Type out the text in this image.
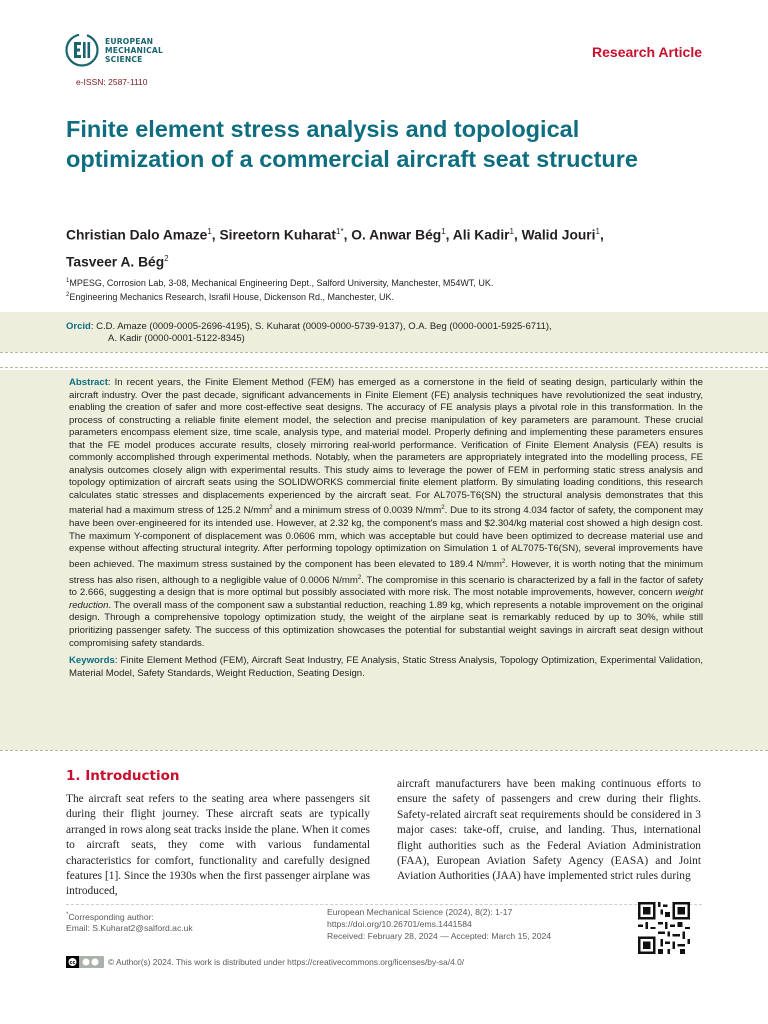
EUROPEAN
MECHANICAL
SCIENCE	Research Article
e-ISSN: 2587-1110
Finite element stress analysis and topological optimization of a commercial aircraft seat structure
Christian Dalo Amaze$^1$, Sireetorn Kuharat$^{1*}$, O. Anwar Bég$^1$, Ali Kadir$^1$, Walid Jouri$^1$,
Tasveer A. Bég$^2$
$^1$MPESG, Corrosion Lab, 3-08, Mechanical Engineering Dept., Salford University, Manchester, M54WT, UK.
$^2$Engineering Mechanics Research, Israfil House, Dickenson Rd., Manchester, UK.
Orcid: C.D. Amaze (0009-0005-2696-4195), S. Kuharat (0009-0000-5739-9137), O.A. Beg (0000-0001-5925-6711),
A. Kadir (0000-0001-5122-8345)

Abstract: In recent years, the Finite Element Method (FEM) has emerged as a cornerstone in the field of seating design, particularly within the aircraft industry. Over the past decade, significant advancements in Finite Element (FE) analysis techniques have revolutionized the seat industry, enabling the creation of safer and more cost-effective seat designs. The accuracy of FE analysis plays a pivotal role in this transformation. In the process of constructing a reliable finite element model, the selection and precise manipulation of key parameters are paramount. These crucial parameters encompass element size, time scale, analysis type, and material model. Properly defining and implementing these parameters ensures that the FE model produces accurate results, closely mirroring real-world performance. Verification of Finite Element Analysis (FEA) results is commonly accomplished through experimental methods. Notably, when the parameters are appropriately integrated into the modelling process, FE analysis outcomes closely align with experimental results. This study aims to leverage the power of FEM in performing static stress analysis and topology optimization of aircraft seats using the SOLIDWORKS commercial finite element platform. By simulating loading conditions, this research calculates static stresses and displacements experienced by the aircraft seat. For AL7075-T6(SN) the structural analysis demonstrates that this material had a maximum stress of 125.2 $N/mm^2$ and a minimum stress of 0.0039 $N/mm^2$. Due to its strong 4.034 factor of safety, the component may have been over-engineered for its intended use. However, at 2.32 kg, the component's mass and $2.304/kg material cost showed a high design cost. The maximum Y-component of displacement was 0.0606 mm, which was acceptable but could have been optimized to decrease material use and expense without affecting structural integrity. After performing topology optimization on Simulation 1 of AL7075-T6(SN), several improvements have been achieved. The maximum stress sustained by the component has been elevated to 189.4 $N/mm^2$. However, it is worth noting that the minimum stress has also risen, although to a negligible value of 0.0006 $N/mm^2$. The compromise in this scenario is characterized by a fall in the factor of safety to 2.666, suggesting a design that is more optimal but possibly associated with more risk. The most notable improvements, however, concern weight reduction. The overall mass of the component saw a substantial reduction, reaching 1.89 kg, which represents a notable improvement on the original design. Through a comprehensive topology optimization study, the weight of the airplane seat is remarkably reduced by up to 30%, while still prioritizing passenger safety. The success of this optimization showcases the potential for substantial weight savings in aircraft seat design without compromising safety standards.

Keywords: Finite Element Method (FEM), Aircraft Seat Industry, FE Analysis, Static Stress Analysis, Topology Optimization, Experimental Validation, Material Model, Safety Standards, Weight Reduction, Seating Design.

1. Introduction
The aircraft seat refers to the seating area where passengers sit during their flight journey. These aircraft seats are typically arranged in rows along seat tracks inside the plane. When it comes to aircraft seats, they come with various fundamental characteristics for comfort, functionality and carefully designed features [1]. Since the 1930s when the first passenger airplane was introduced,
aircraft manufacturers have been making continuous efforts to ensure the safety of passengers and crew during their flights. Safety-related aircraft seat requirements should be considered in 3 major cases: take-off, cruise, and landing. Thus, international flight authorities such as the Federal Aviation Administration (FAA), European Aviation Safety Agency (EASA) and Joint Aviation Authorities (JAA) have implemented strict rules during
*Corresponding author:
Email: S.Kuharat2@salford.ac.uk
European Mechanical Science (2024), 8(2): 1-17
https://doi.org/10.26701/ems.1441584
Received: February 28, 2024 — Accepted: March 15, 2024
cc	© Author(s) 2024. This work is distributed under https://creativecommons.org/licenses/by-sa/4.0/
